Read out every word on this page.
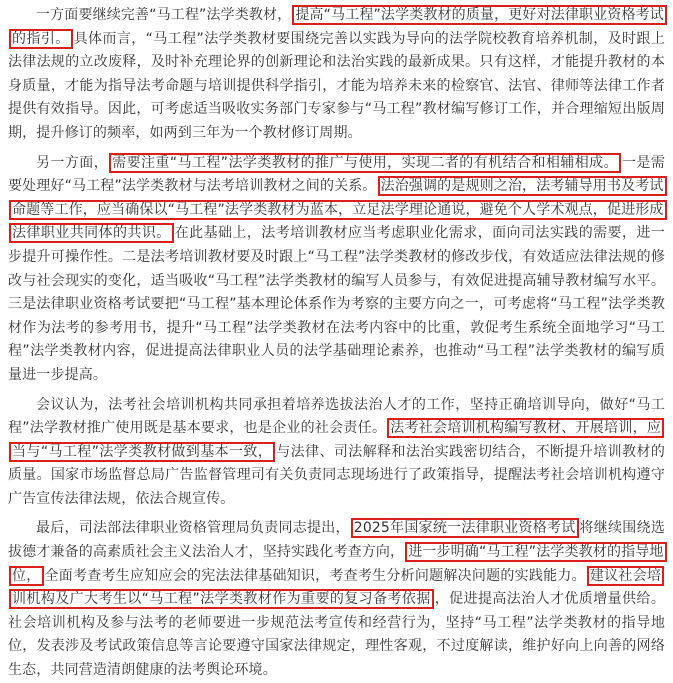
一方面要继续完善“马工程”法学类教材， 提高“马工程”法学类教材的质量，更好对法律职业资格考试的指引。 具体而言，“马工程”法学类教材要围绕完善以实践为导向的法学院校教育培养机制，及时跟上法律法规的立改废释，及时补充理论界的创新理论和法治实践的最新成果。只有这样，才能提升教材的本身质量，才能为指导法考命题与培训提供科学指引，才能为培养未来的检察官、法官、律师等法律工作者提供有效指导。因此，可考虑适当吸收实务部门专家参与“马工程”教材编写修订工作，并合理缩短出版周期，提升修订的频率，如两到三年为一个教材修订周期。

另一方面， 需要注重“马工程”法学类教材的推广与使用，实现二者的有机结合和相辅相成。 一是需要处理好“马工程”法学类教材与法考培训教材之间的关系。 法治强调的是规则之治，法考辅导用书及考试命题等工作，应当确保以“马工程”法学类教材为蓝本，立足法学理论通说，避免个人学术观点，促进形成法律职业共同体的共识。 在此基础上，法考培训教材应当考虑职业化需求，面向司法实践的需要，进一步提升可操作性。二是法考培训教材要及时跟上“马工程”法学类教材的修改步伐，有效适应法律法规的修改与社会现实的变化，适当吸收“马工程”法学类教材的编写人员参与，有效促进提高辅导教材编写水平。三是法律职业资格考试要把“马工程”基本理论体系作为考察的主要方向之一，可考虑将“马工程”法学类教材作为法考的参考用书，提升“马工程”法学类教材在法考内容中的比重，敦促考生系统全面地学习“马工程”法学类教材内容，促进提高法律职业人员的法学基础理论素养，也推动“马工程”法学类教材的编写质量进一步提高。

会议认为，法考社会培训机构共同承担着培养选拔法治人才的工作，坚持正确培训导向，做好“马工程”法学教材推广使用既是基本要求，也是企业的社会责任。 法考社会培训机构编写教材、开展培训，应当与“马工程”法学类教材做到基本一致， 与法律、司法解释和法治实践密切结合，不断提升培训教材的质量。国家市场监督总局广告监督管理司有关负责同志现场进行了政策指导，提醒法考社会培训机构遵守广告宣传法律法规，依法合规宣传。

最后，司法部法律职业资格管理局负责同志提出， 2025年国家统一法律职业资格考试 将继续围绕选拔德才兼备的高素质社会主义法治人才，坚持实践化考查方向， 进一步明确“马工程”法学类教材的指导地位， 全面考查考生应知应会的宪法法律基础知识，考查考生分析问题解决问题的实践能力。 建议社会培训机构及广大考生以“马工程”法学类教材作为重要的复习备考依据 ，促进提高法治人才优质增量供给。社会培训机构及参与法考的老师要进一步规范法考宣传和经营行为，坚持“马工程”法学类教材的指导地位，发表涉及考试政策信息等言论要遵守国家法律规定，理性客观，不过度解读，维护好向上向善的网络生态，共同营造清朗健康的法考舆论环境。
